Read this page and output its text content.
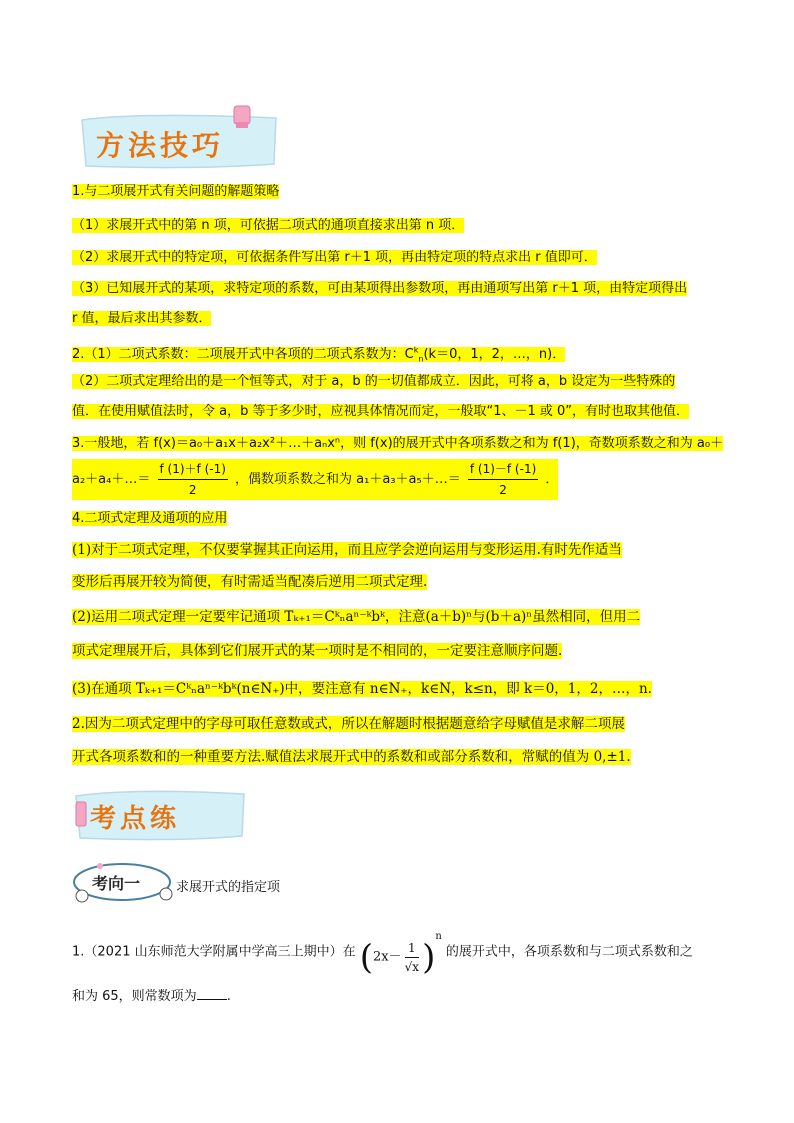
方法技巧
1.与二项展开式有关问题的解题策略
（1）求展开式中的第 n 项，可依据二项式的通项直接求出第 n 项．
（2）求展开式中的特定项，可依据条件写出第 r＋1 项，再由特定项的特点求出 r 值即可．
（3）已知展开式的某项，求特定项的系数，可由某项得出参数项，再由通项写出第 r＋1 项，由特定项得出
r 值，最后求出其参数．
2.（1）二项式系数：二项展开式中各项的二项式系数为：$C^k_n(k=0$，1，2，…，n)．
（2）二项式定理给出的是一个恒等式，对于 a，b 的一切值都成立．因此，可将 a，b 设定为一些特殊的
值．在使用赋值法时，令 a，b 等于多少时，应视具体情况而定，一般取“1、－1 或 0”，有时也取其他值．
3.一般地，若 f(x)＝a₀＋a₁x＋a₂x²＋…＋aₙxⁿ，则 f(x)的展开式中各项系数之和为 f(1)，奇数项系数之和为 a₀＋
a₂＋a₄＋…＝ $\frac{f (1)+f (-1)}{2}$ ，偶数项系数之和为 a₁＋a₃＋a₅＋…＝ $\frac{f (1)-f (-1)}{2}$ ．
4.二项式定理及通项的应用
(1)对于二项式定理，不仅要掌握其正向运用，而且应学会逆向运用与变形运用.有时先作适当
变形后再展开较为简便，有时需适当配凑后逆用二项式定理.
(2)运用二项式定理一定要牢记通项 Tₖ₊₁＝Cᵏₙaⁿ⁻ᵏbᵏ，注意(a＋b)ⁿ与(b＋a)ⁿ虽然相同，但用二
项式定理展开后，具体到它们展开式的某一项时是不相同的，一定要注意顺序问题.
(3)在通项 Tₖ₊₁＝Cᵏₙaⁿ⁻ᵏbᵏ(n∈N₊)中，要注意有 n∈N₊，k∈N，k≤n，即 k＝0，1，2，…，n.
2.因为二项式定理中的字母可取任意数或式，所以在解题时根据题意给字母赋值是求解二项展
开式各项系数和的一种重要方法.赋值法求展开式中的系数和或部分系数和，常赋的值为 0,±1.
考点练
考向一	求展开式的指定项
1.（2021 山东师范大学附属中学高三上期中）在 $(2x- \frac{1}{√x} )^n$ 的展开式中，各项系数和与二项式系数和之
和为 65，则常数项为 .
